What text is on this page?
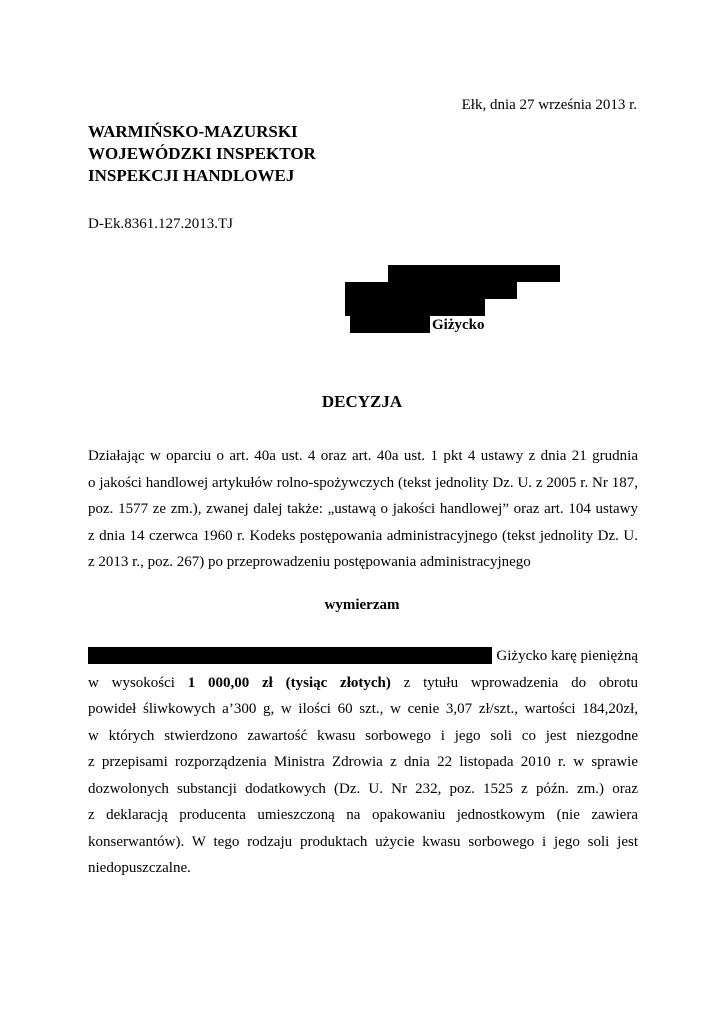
Ełk, dnia 27 września 2013 r.
WARMIŃSKO-MAZURSKI
WOJEWÓDZKI INSPEKTOR
INSPEKCJI HANDLOWEJ
D-Ek.8361.127.2013.TJ
Giżycko
DECYZJA
Działając w oparciu o art. 40a ust. 4 oraz art. 40a ust. 1 pkt 4 ustawy z dnia 21 grudnia
o jakości handlowej artykułów rolno-spożywczych (tekst jednolity Dz. U. z 2005 r. Nr 187,
poz. 1577 ze zm.), zwanej dalej także: „ustawą o jakości handlowej” oraz art. 104 ustawy
z dnia 14 czerwca 1960 r. Kodeks postępowania administracyjnego (tekst jednolity Dz. U.
z 2013 r., poz. 267) po przeprowadzeniu postępowania administracyjnego
wymierzam
Giżycko karę pieniężną
w wysokości 1 000,00 zł (tysiąc złotych) z tytułu wprowadzenia do obrotu
powideł śliwkowych a’300 g, w ilości 60 szt., w cenie 3,07 zł/szt., wartości 184,20zł,
w których stwierdzono zawartość kwasu sorbowego i jego soli co jest niezgodne
z przepisami rozporządzenia Ministra Zdrowia z dnia 22 listopada 2010 r. w sprawie
dozwolonych substancji dodatkowych (Dz. U. Nr 232, poz. 1525 z późn. zm.) oraz
z deklaracją producenta umieszczoną na opakowaniu jednostkowym (nie zawiera
konserwantów). W tego rodzaju produktach użycie kwasu sorbowego i jego soli jest
niedopuszczalne.
